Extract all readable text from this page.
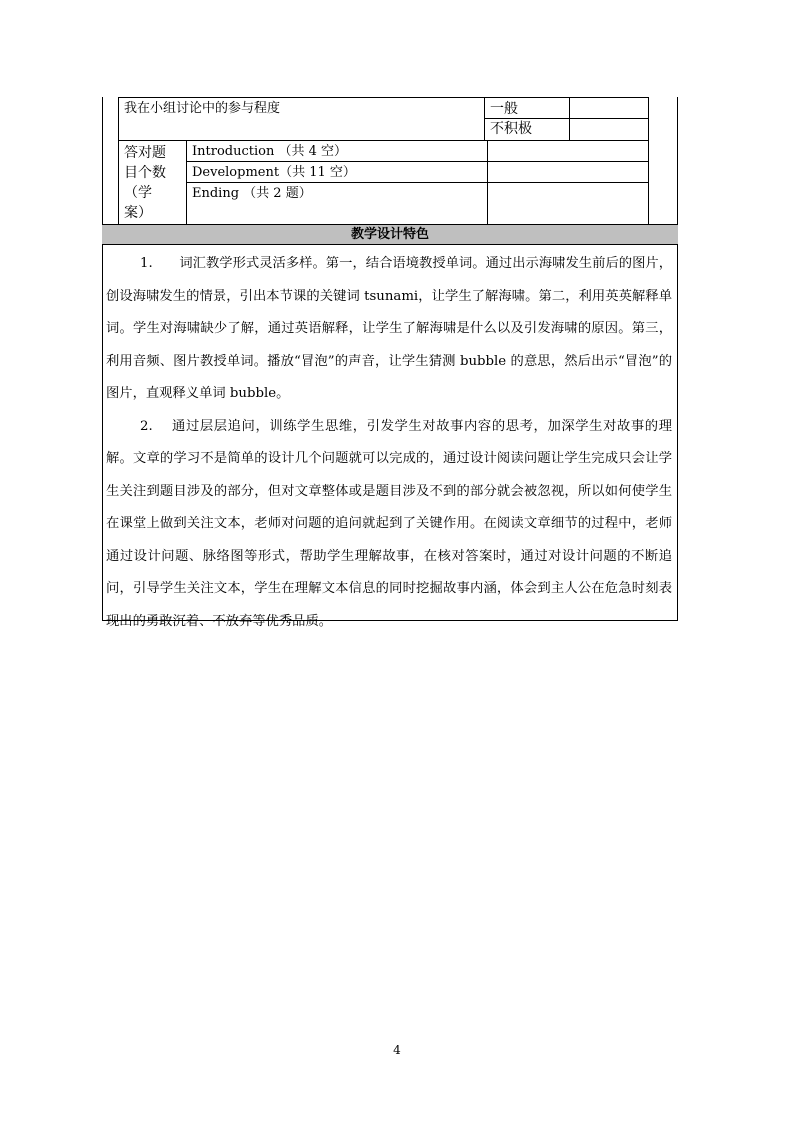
我在小组讨论中的参与程度	一般
不积极
答对题
目个数
（学
案）
Introduction （共 4 空）
Development（共 11 空）
Ending （共 2 题）
教学设计特色

1.　　词汇教学形式灵活多样。第一，结合语境教授单词。通过出示海啸发生前后的图片，创设海啸发生的情景，引出本节课的关键词 tsunami，让学生了解海啸。第二，利用英英解释单词。学生对海啸缺少了解，通过英语解释，让学生了解海啸是什么以及引发海啸的原因。第三，利用音频、图片教授单词。播放“冒泡”的声音，让学生猜测 bubble 的意思，然后出示“冒泡”的图片，直观释义单词 bubble。

2.　 通过层层追问，训练学生思维，引发学生对故事内容的思考，加深学生对故事的理解。文章的学习不是简单的设计几个问题就可以完成的，通过设计阅读问题让学生完成只会让学生关注到题目涉及的部分，但对文章整体或是题目涉及不到的部分就会被忽视，所以如何使学生在课堂上做到关注文本，老师对问题的追问就起到了关键作用。在阅读文章细节的过程中，老师通过设计问题、脉络图等形式，帮助学生理解故事，在核对答案时，通过对设计问题的不断追问，引导学生关注文本，学生在理解文本信息的同时挖掘故事内涵，体会到主人公在危急时刻表现出的勇敢沉着、不放弃等优秀品质。

4
